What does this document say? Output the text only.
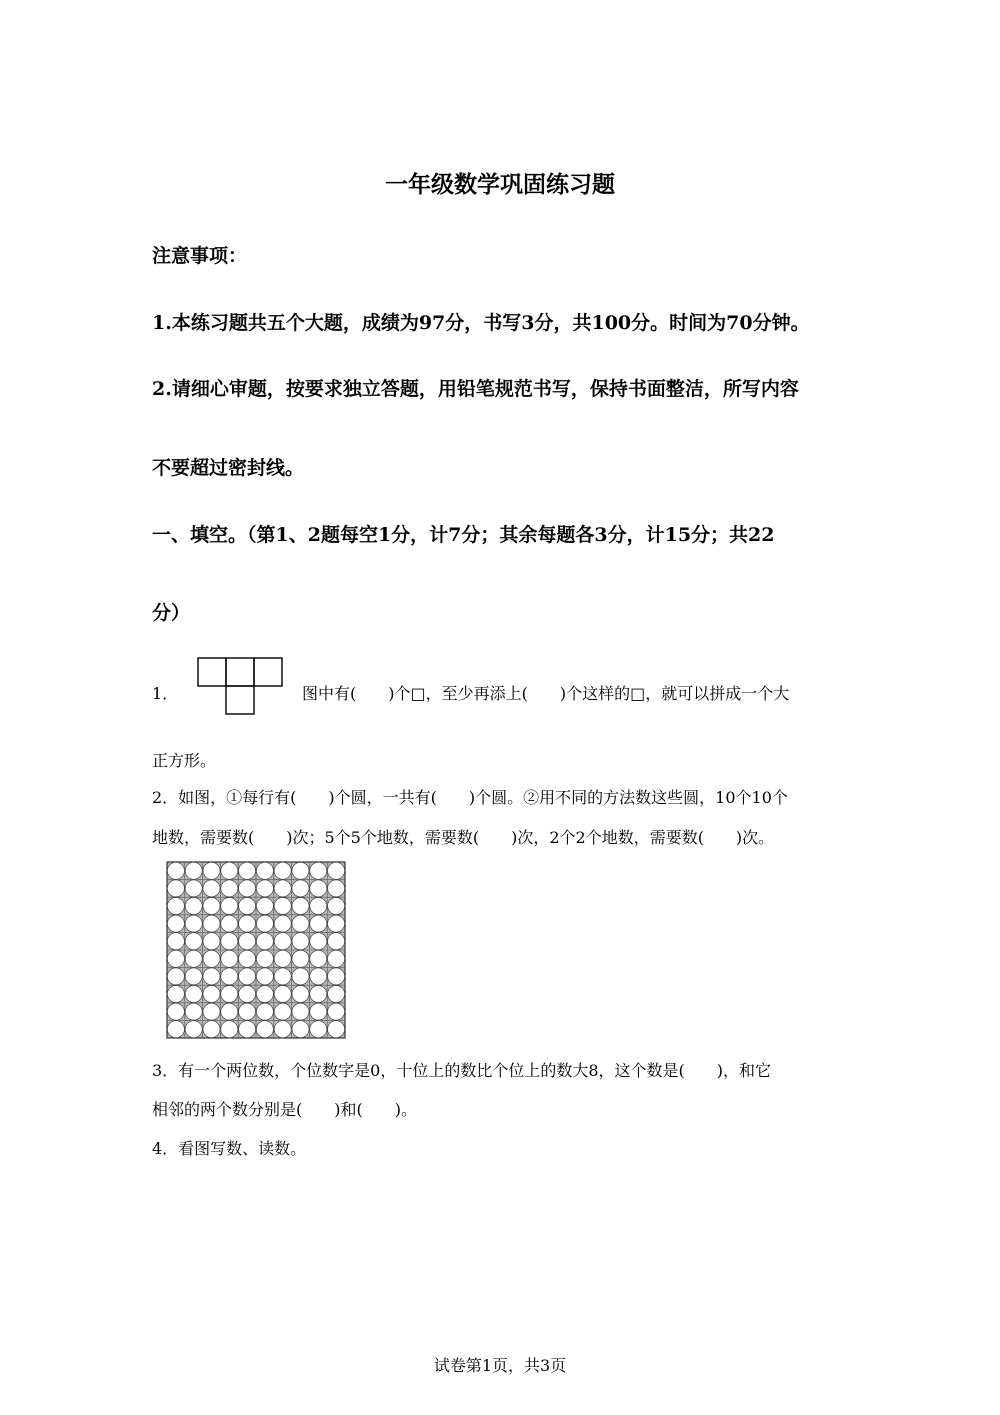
一年级数学巩固练习题
注意事项：
1.本练习题共五个大题，成绩为97分，书写3分，共100分。时间为70分钟。
2.请细心审题，按要求独立答题，用铅笔规范书写，保持书面整洁，所写内容
不要超过密封线。
一、填空。（第1、2题每空1分，计7分；其余每题各3分，计15分；共22
分）
1．	图中有(　　)个□，至少再添上(　　)个这样的□，就可以拼成一个大
正方形。
2．如图，①每行有(　　)个圆，一共有(　　)个圆。②用不同的方法数这些圆，10个10个
地数，需要数(　　)次；5个5个地数，需要数(　　)次，2个2个地数，需要数(　　)次。
3．有一个两位数，个位数字是0，十位上的数比个位上的数大8，这个数是(　　)，和它
相邻的两个数分别是(　　)和(　　)。
4．看图写数、读数。
试卷第1页，共3页
